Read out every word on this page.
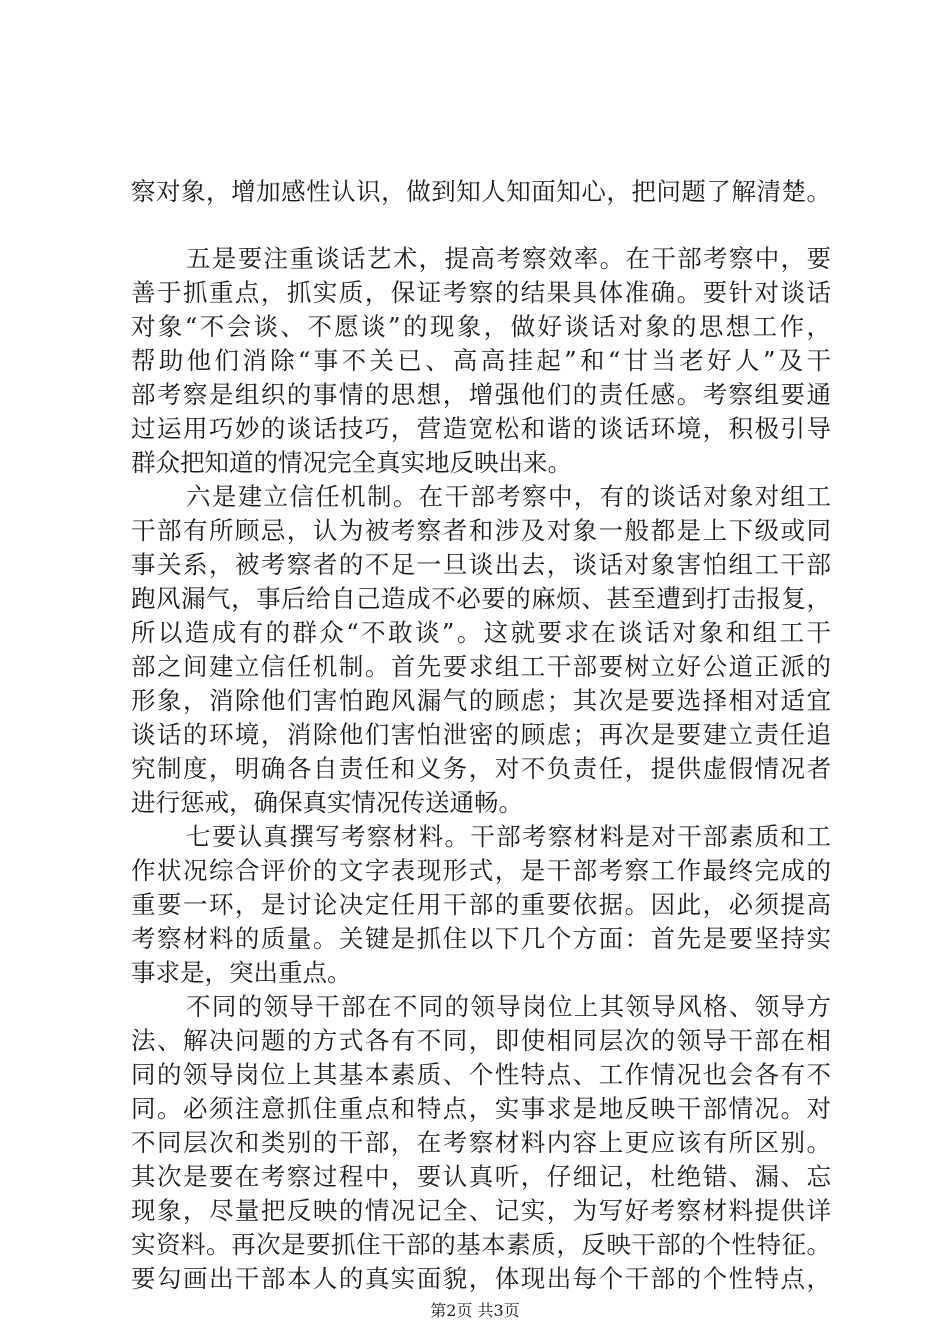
察对象，增加感性认识，做到知人知面知心，把问题了解清楚。
五是要注重谈话艺术，提高考察效率。在干部考察中，要
善于抓重点，抓实质，保证考察的结果具体准确。要针对谈话
对象“不会谈、不愿谈”的现象，做好谈话对象的思想工作，
帮助他们消除“事不关已、高高挂起”和“甘当老好人”及干
部考察是组织的事情的思想，增强他们的责任感。考察组要通
过运用巧妙的谈话技巧，营造宽松和谐的谈话环境，积极引导
群众把知道的情况完全真实地反映出来。
六是建立信任机制。在干部考察中，有的谈话对象对组工
干部有所顾忌，认为被考察者和涉及对象一般都是上下级或同
事关系，被考察者的不足一旦谈出去，谈话对象害怕组工干部
跑风漏气，事后给自己造成不必要的麻烦、甚至遭到打击报复，
所以造成有的群众“不敢谈”。这就要求在谈话对象和组工干
部之间建立信任机制。首先要求组工干部要树立好公道正派的
形象，消除他们害怕跑风漏气的顾虑；其次是要选择相对适宜
谈话的环境，消除他们害怕泄密的顾虑；再次是要建立责任追
究制度，明确各自责任和义务，对不负责任，提供虚假情况者
进行惩戒，确保真实情况传送通畅。
七要认真撰写考察材料。干部考察材料是对干部素质和工
作状况综合评价的文字表现形式，是干部考察工作最终完成的
重要一环，是讨论决定任用干部的重要依据。因此，必须提高
考察材料的质量。关键是抓住以下几个方面：首先是要坚持实
事求是，突出重点。
不同的领导干部在不同的领导岗位上其领导风格、领导方
法、解决问题的方式各有不同，即使相同层次的领导干部在相
同的领导岗位上其基本素质、个性特点、工作情况也会各有不
同。必须注意抓住重点和特点，实事求是地反映干部情况。对
不同层次和类别的干部，在考察材料内容上更应该有所区别。
其次是要在考察过程中，要认真听，仔细记，杜绝错、漏、忘
现象，尽量把反映的情况记全、记实，为写好考察材料提供详
实资料。再次是要抓住干部的基本素质，反映干部的个性特征。
要勾画出干部本人的真实面貌，体现出每个干部的个性特点，
第2页 共3页
